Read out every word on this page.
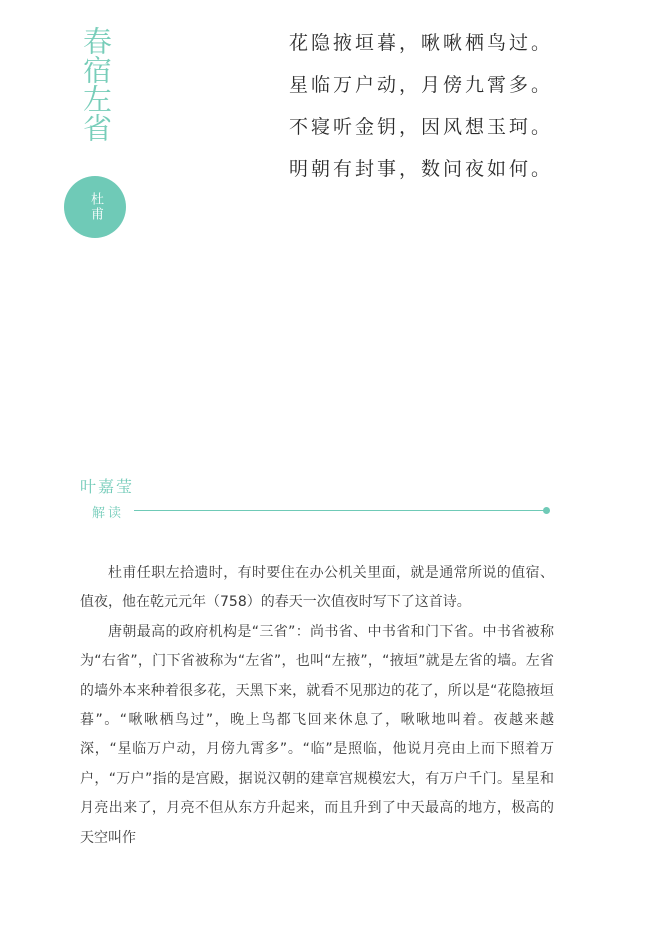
春宿左省
杜甫
花隐掖垣暮，啾啾栖鸟过。
星临万户动，月傍九霄多。
不寝听金钥，因风想玉珂。
明朝有封事，数问夜如何。
叶嘉莹
解读

杜甫任职左拾遗时，有时要住在办公机关里面，就是通常所说的值宿、值夜，他在乾元元年（758）的春天一次值夜时写下了这首诗。

唐朝最高的政府机构是“三省”：尚书省、中书省和门下省。中书省被称为“右省”，门下省被称为“左省”，也叫“左掖”，“掖垣”就是左省的墙。左省的墙外本来种着很多花，天黑下来，就看不见那边的花了，所以是“花隐掖垣暮”。“啾啾栖鸟过”，晚上鸟都飞回来休息了，啾啾地叫着。夜越来越深，“星临万户动，月傍九霄多”。“临”是照临，他说月亮由上而下照着万户，“万户”指的是宫殿，据说汉朝的建章宫规模宏大，有万户千门。星星和月亮出来了，月亮不但从东方升起来，而且升到了中天最高的地方，极高的天空叫作
